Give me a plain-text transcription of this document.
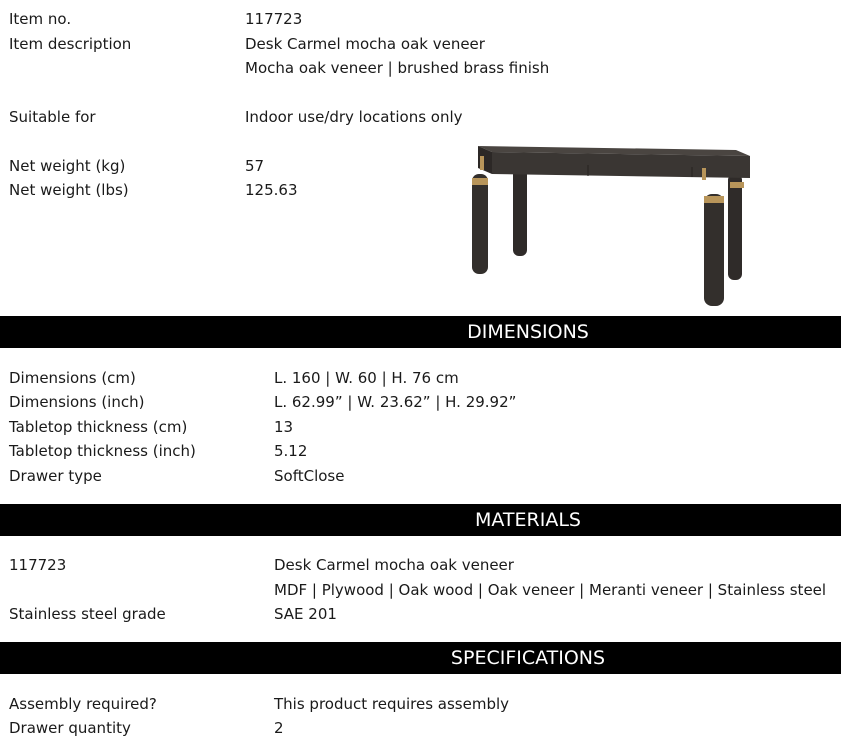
Item no.	117723
Item description	Desk Carmel mocha oak veneer
Mocha oak veneer | brushed brass finish
Suitable for	Indoor use/dry locations only
Net weight (kg)	57
Net weight (lbs)	125.63
DIMENSIONS
Dimensions (cm)	L. 160 | W. 60 | H. 76 cm
Dimensions (inch)	L. 62.99” | W. 23.62” | H. 29.92”
Tabletop thickness (cm)	13
Tabletop thickness (inch)	5.12
Drawer type	SoftClose
MATERIALS
117723	Desk Carmel mocha oak veneer
MDF | Plywood | Oak wood | Oak veneer | Meranti veneer | Stainless steel
Stainless steel grade	SAE 201
SPECIFICATIONS
Assembly required?	This product requires assembly
Drawer quantity	2
